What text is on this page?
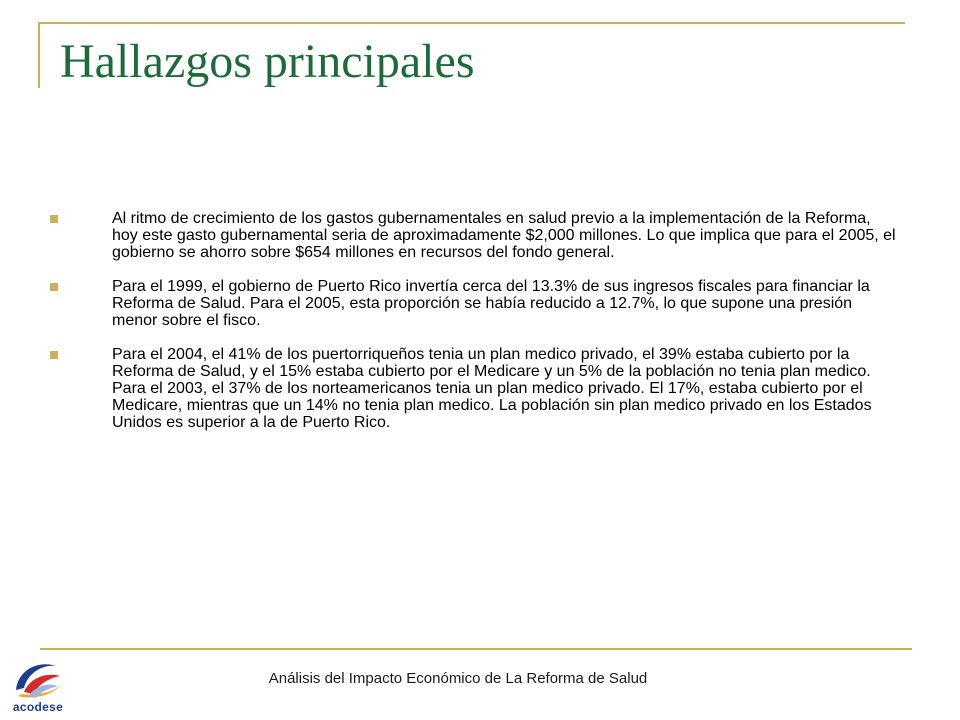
Hallazgos principales

Al ritmo de crecimiento de los gastos gubernamentales en salud previo a la implementación de la Reforma, hoy este gasto gubernamental seria de aproximadamente $2,000 millones. Lo que implica que para el 2005, el gobierno se ahorro sobre $654 millones en recursos del fondo general.

Para el 1999, el gobierno de Puerto Rico invertía cerca del 13.3% de sus ingresos fiscales para financiar la Reforma de Salud. Para el 2005, esta proporción se había reducido a 12.7%, lo que supone una presión menor sobre el fisco.

Para el 2004, el 41% de los puertorriqueños tenia un plan medico privado, el 39% estaba cubierto por la Reforma de Salud, y el 15% estaba cubierto por el Medicare y un 5% de la población no tenia plan medico. Para el 2003, el 37% de los norteamericanos tenia un plan medico privado. El 17%, estaba cubierto por el Medicare, mientras que un 14% no tenia plan medico. La población sin plan medico privado en los Estados Unidos es superior a la de Puerto Rico.

Análisis del Impacto Económico de La Reforma de Salud
acodese
